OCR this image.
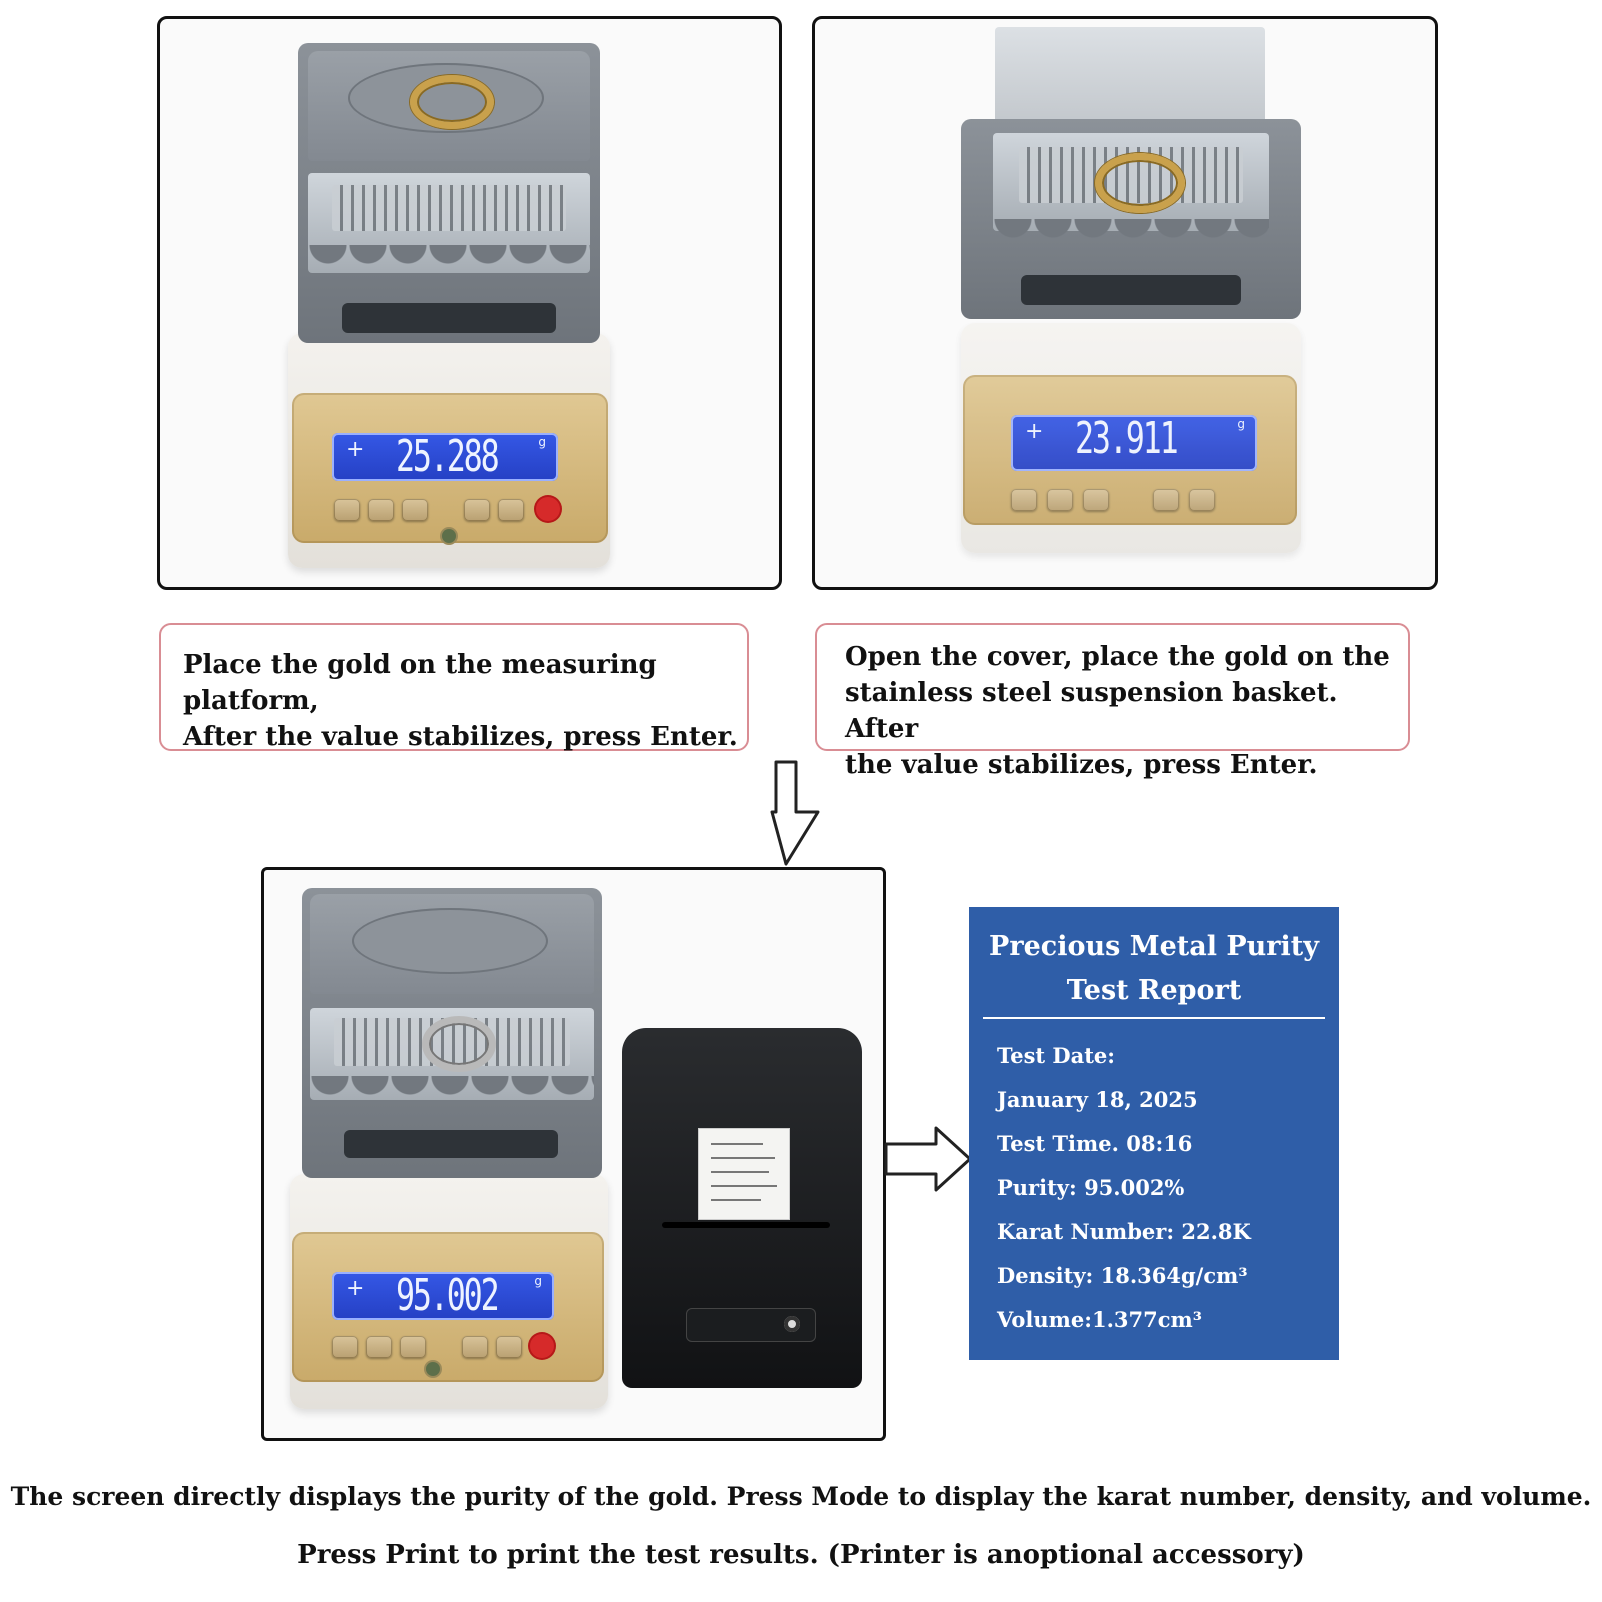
+ 25.288	g	+ 23.911	g
Place the gold on the measuring platform,
After the value stabilizes, press Enter.
Open the cover, place the gold on the
stainless steel suspension basket. After
the value stabilizes, press Enter.
+ 95.002	g
Precious Metal Purity
Test Report
Test Date:
January 18, 2025
Test Time. 08:16
Purity: 95.002%
Karat Number: 22.8K
Density: 18.364g/cm³
Volume:1.377cm³
The screen directly displays the purity of the gold. Press Mode to display the karat number, density, and volume.
Press Print to print the test results. (Printer is anoptional accessory)
